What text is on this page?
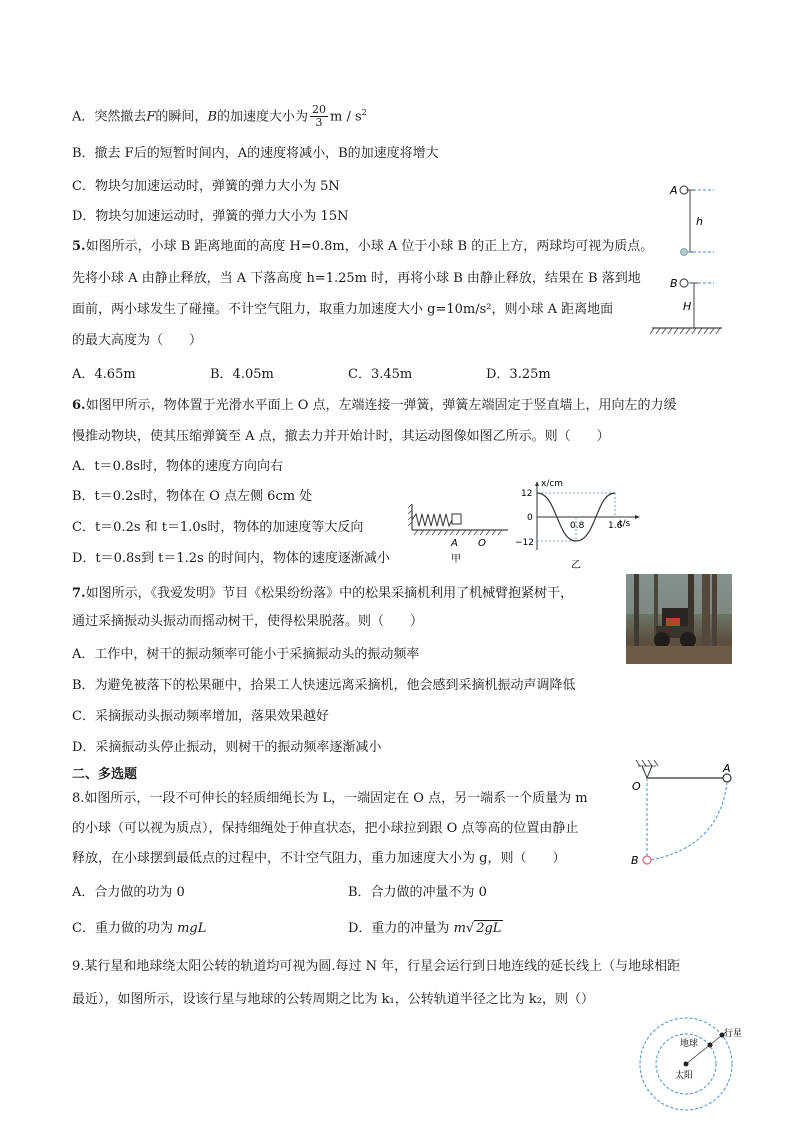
A．突然撤去F的瞬间，B的加速度大小为 $\frac{20}{3}$ m / $s^2$
B．撤去 F后的短暂时间内，A的速度将减小，B的加速度将增大
C．物块匀加速运动时，弹簧的弹力大小为 5N
D．物块匀加速运动时，弹簧的弹力大小为 15N
A
h
B
H
5.如图所示，小球 B 距离地面的高度 H=0.8m，小球 A 位于小球 B 的正上方，两球均可视为质点。
先将小球 A 由静止释放，当 A 下落高度 h=1.25m 时，再将小球 B 由静止释放，结果在 B 落到地
面前，两小球发生了碰撞。不计空气阻力，取重力加速度大小 g=10m/s²，则小球 A 距离地面
的最大高度为（　　）
A．4.65m	B．4.05m	C．3.45m	D．3.25m
6.如图甲所示，物体置于光滑水平面上 O 点，左端连接一弹簧，弹簧左端固定于竖直墙上，用向左的力缓
慢推动物块，使其压缩弹簧至 A 点，撤去力并开始计时，其运动图像如图乙所示。则（　　）
A．t＝0.8s时，物体的速度方向向右
B．t＝0.2s时，物体在 O 点左侧 6cm 处
C．t＝0.2s 和 t＝1.0s时，物体的加速度等大反向
D．t＝0.8s到 t＝1.2s 的时间内，物体的速度逐渐减小
A O
甲
x/cm
t/s
12
0
−12
0.8	1.6
乙
7.如图所示，《我爱发明》节目《松果纷纷落》中的松果采摘机利用了机械臂抱紧树干，
通过采摘振动头振动而摇动树干，使得松果脱落。则（　　）
A．工作中，树干的振动频率可能小于采摘振动头的振动频率
B．为避免被落下的松果砸中，拾果工人快速远离采摘机，他会感到采摘机振动声调降低
C．采摘振动头振动频率增加，落果效果越好
D．采摘振动头停止振动，则树干的振动频率逐渐减小
二、多选题
O
A
B
8.如图所示，一段不可伸长的轻质细绳长为 L，一端固定在 O 点，另一端系一个质量为 m
的小球（可以视为质点），保持细绳处于伸直状态，把小球拉到跟 O 点等高的位置由静止
释放，在小球摆到最低点的过程中，不计空气阻力，重力加速度大小为 g，则（　　）
A．合力做的功为 0	B．合力做的冲量不为 0
C．重力做的功为 mgL	D．重力的冲量为 m√ 2gL
9.某行星和地球绕太阳公转的轨道均可视为圆.每过 N 年，行星会运行到日地连线的延长线上（与地球相距
最近），如图所示，设该行星与地球的公转周期之比为 k₁，公转轨道半径之比为 k₂，则（）
地球
行星
太阳
